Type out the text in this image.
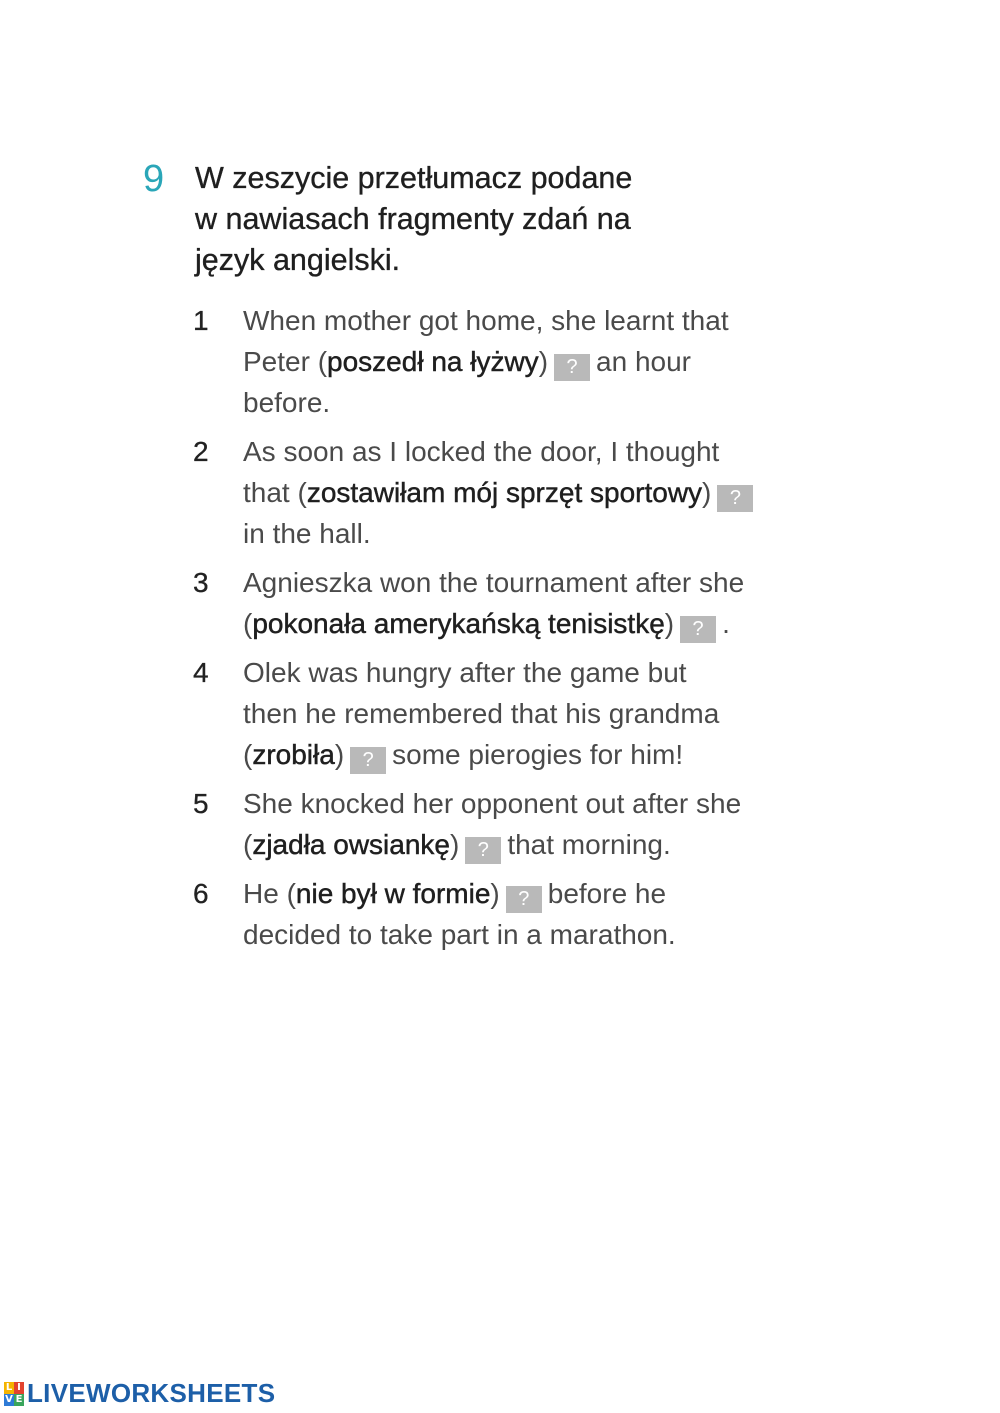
9	W zeszycie przetłumacz podane
w nawiasach fragmenty zdań na
język angielski.
1	When mother got home, she learnt that
Peter (poszedł na łyżwy) ? an hour
before.
2	As soon as I locked the door, I thought
that (zostawiłam mój sprzęt sportowy) ?
in the hall.
3	Agnieszka won the tournament after she
(pokonała amerykańską tenisistkę) ? .
4	Olek was hungry after the game but
then he remembered that his grandma
(zrobiła) ? some pierogies for him!
5	She knocked her opponent out after she
(zjadła owsiankę) ? that morning.
6	He (nie był w formie) ? before he
decided to take part in a marathon.
L I
V E LIVEWORKSHEETS
